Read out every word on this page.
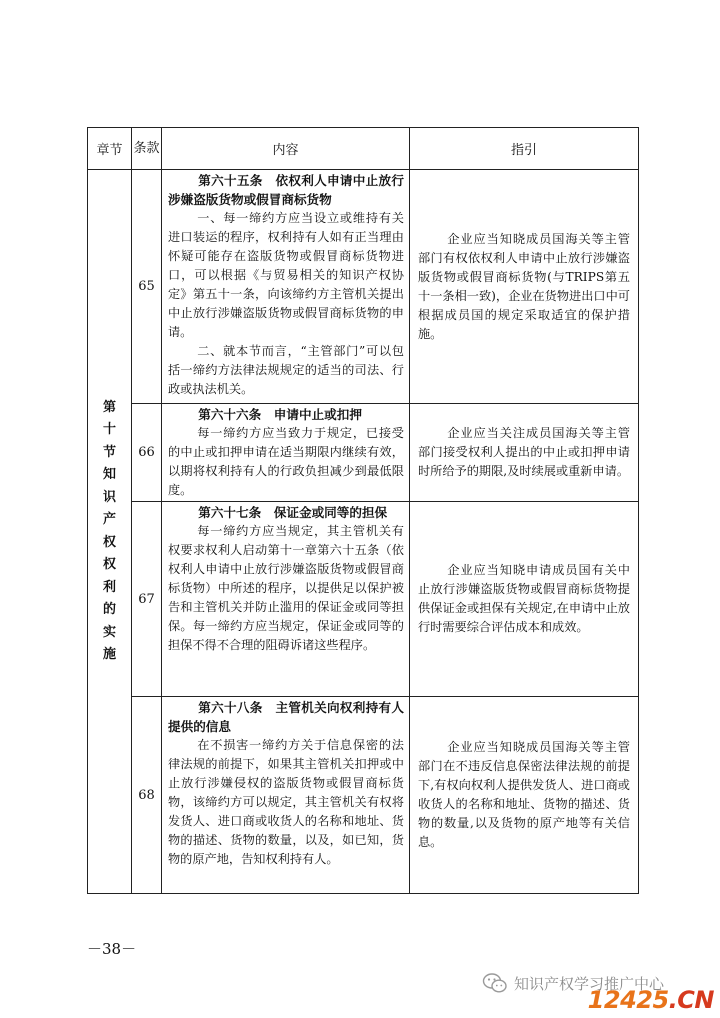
章节	条款	内容	指引
第十节 知识产权权利的实施	65	第六十五条　依权利人申请中止放行涉嫌盗版货物或假冒商标货物

一、每一缔约方应当设立或维持有关进口装运的程序，权利持有人如有正当理由怀疑可能存在盗版货物或假冒商标货物进口，可以根据《与贸易相关的知识产权协定》第五十一条，向该缔约方主管机关提出中止放行涉嫌盗版货物或假冒商标货物的申请。

二、就本节而言，“主管部门”可以包括一缔约方法律法规规定的适当的司法、行政或执法机关。	企业应当知晓成员国海关等主管部门有权依权利人申请中止放行涉嫌盗版货物或假冒商标货物(与TRIPS第五十一条相一致)，企业在货物进出口中可根据成员国的规定采取适宜的保护措施。

	66	第六十六条　申请中止或扣押

每一缔约方应当致力于规定，已接受的中止或扣押申请在适当期限内继续有效，以期将权利持有人的行政负担减少到最低限度。	企业应当关注成员国海关等主管部门接受权利人提出的中止或扣押申请时所给予的期限,及时续展或重新申请。

	67	第六十七条　保证金或同等的担保

每一缔约方应当规定，其主管机关有权要求权利人启动第十一章第六十五条（依权利人申请中止放行涉嫌盗版货物或假冒商标货物）中所述的程序，以提供足以保护被告和主管机关并防止滥用的保证金或同等担保。每一缔约方应当规定，保证金或同等的担保不得不合理的阻碍诉诸这些程序。	企业应当知晓申请成员国有关中止放行涉嫌盗版货物或假冒商标货物提供保证金或担保有关规定,在申请中止放行时需要综合评估成本和成效。

	68	第六十八条　主管机关向权利持有人提供的信息

在不损害一缔约方关于信息保密的法律法规的前提下，如果其主管机关扣押或中止放行涉嫌侵权的盗版货物或假冒商标货物，该缔约方可以规定，其主管机关有权将发货人、进口商或收货人的名称和地址、货物的描述、货物的数量，以及，如已知，货物的原产地，告知权利持有人。	企业应当知晓成员国海关等主管部门在不违反信息保密法律法规的前提下,有权向权利人提供发货人、进口商或收货人的名称和地址、货物的描述、货物的数量,以及货物的原产地等有关信息。

－38－
知识产权学习推广中心
12425.CN
